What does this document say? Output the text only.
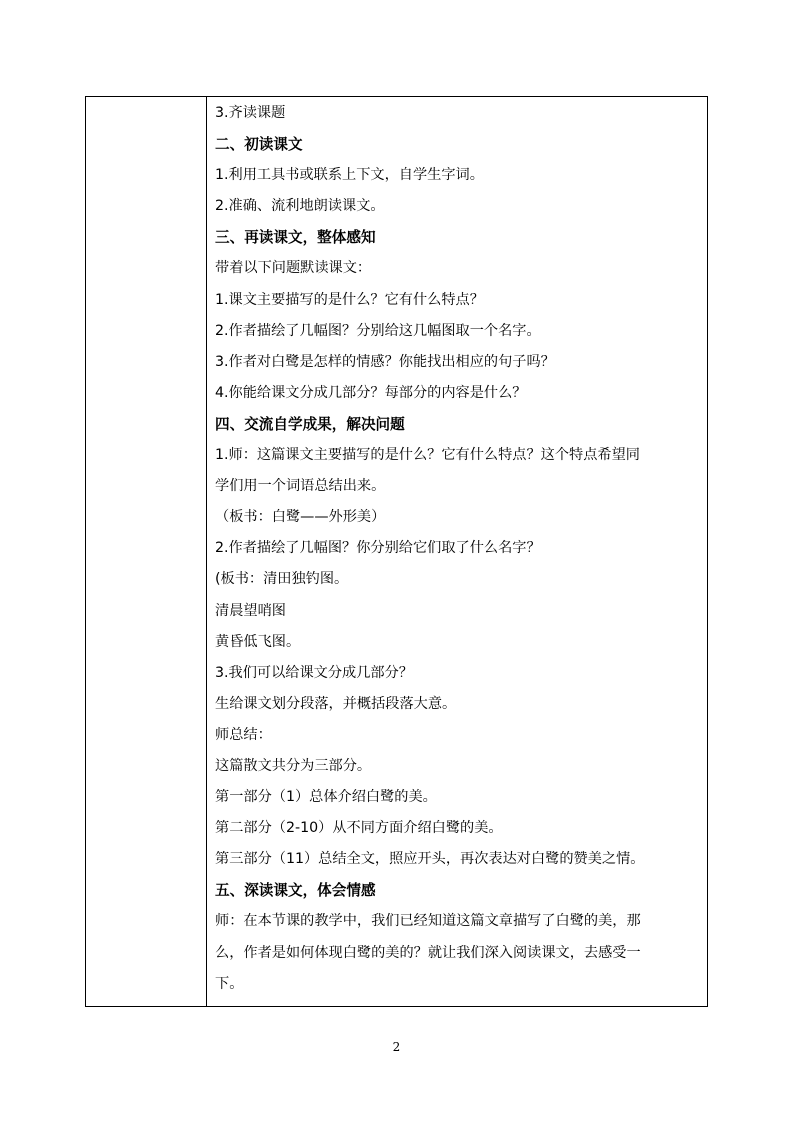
3.齐读课题
二、初读课文
1.利用工具书或联系上下文，自学生字词。
2.准确、流利地朗读课文。
三、再读课文，整体感知
带着以下问题默读课文：
1.课文主要描写的是什么？它有什么特点？
2.作者描绘了几幅图？分别给这几幅图取一个名字。
3.作者对白鹭是怎样的情感？你能找出相应的句子吗？
4.你能给课文分成几部分？每部分的内容是什么？
四、交流自学成果，解决问题
1.师：这篇课文主要描写的是什么？它有什么特点？这个特点希望同
学们用一个词语总结出来。
（板书：白鹭——外形美）
2.作者描绘了几幅图？你分别给它们取了什么名字？
(板书：清田独钓图。
清晨望哨图
黄昏低飞图。
3.我们可以给课文分成几部分？
生给课文划分段落，并概括段落大意。
师总结：
这篇散文共分为三部分。
第一部分（1）总体介绍白鹭的美。
第二部分（2-10）从不同方面介绍白鹭的美。
第三部分（11）总结全文，照应开头，再次表达对白鹭的赞美之情。
五、深读课文，体会情感
师：在本节课的教学中，我们已经知道这篇文章描写了白鹭的美，那
么，作者是如何体现白鹭的美的？就让我们深入阅读课文，去感受一
下。
2
